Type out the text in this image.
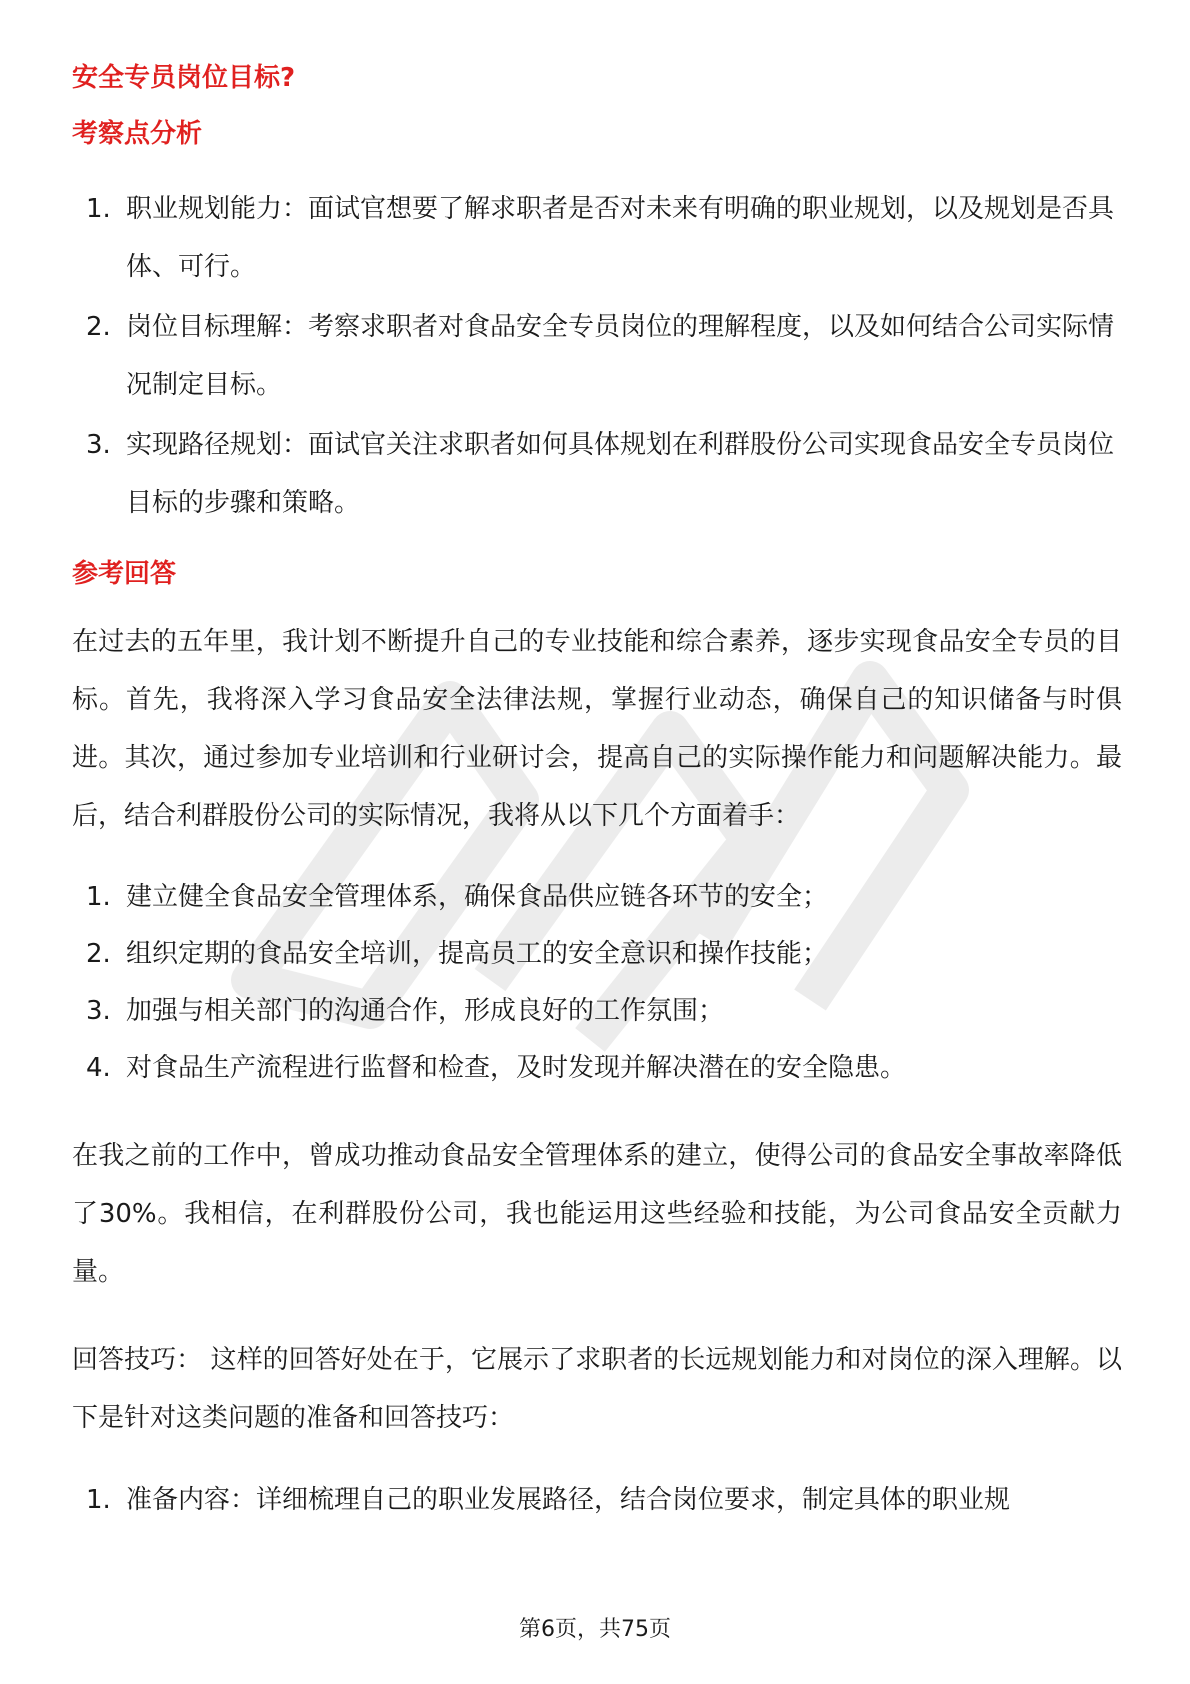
安全专员岗位目标?
考察点分析
1. 职业规划能力：面试官想要了解求职者是否对未来有明确的职业规划，以及规划是否具体、可行。
2. 岗位目标理解：考察求职者对食品安全专员岗位的理解程度，以及如何结合公司实际情况制定目标。
3. 实现路径规划：面试官关注求职者如何具体规划在利群股份公司实现食品安全专员岗位目标的步骤和策略。
参考回答

在过去的五年里，我计划不断提升自己的专业技能和综合素养，逐步实现食品安全专员的目标。首先，我将深入学习食品安全法律法规，掌握行业动态，确保自己的知识储备与时俱进。其次，通过参加专业培训和行业研讨会，提高自己的实际操作能力和问题解决能力。最后，结合利群股份公司的实际情况，我将从以下几个方面着手：

1. 建立健全食品安全管理体系，确保食品供应链各环节的安全；
2. 组织定期的食品安全培训，提高员工的安全意识和操作技能；
3. 加强与相关部门的沟通合作，形成良好的工作氛围；
4. 对食品生产流程进行监督和检查，及时发现并解决潜在的安全隐患。

在我之前的工作中，曾成功推动食品安全管理体系的建立，使得公司的食品安全事故率降低了30%。我相信，在利群股份公司，我也能运用这些经验和技能，为公司食品安全贡献力量。

回答技巧： 这样的回答好处在于，它展示了求职者的长远规划能力和对岗位的深入理解。以下是针对这类问题的准备和回答技巧：

1. 准备内容：详细梳理自己的职业发展路径，结合岗位要求，制定具体的职业规
第6页，共75页
